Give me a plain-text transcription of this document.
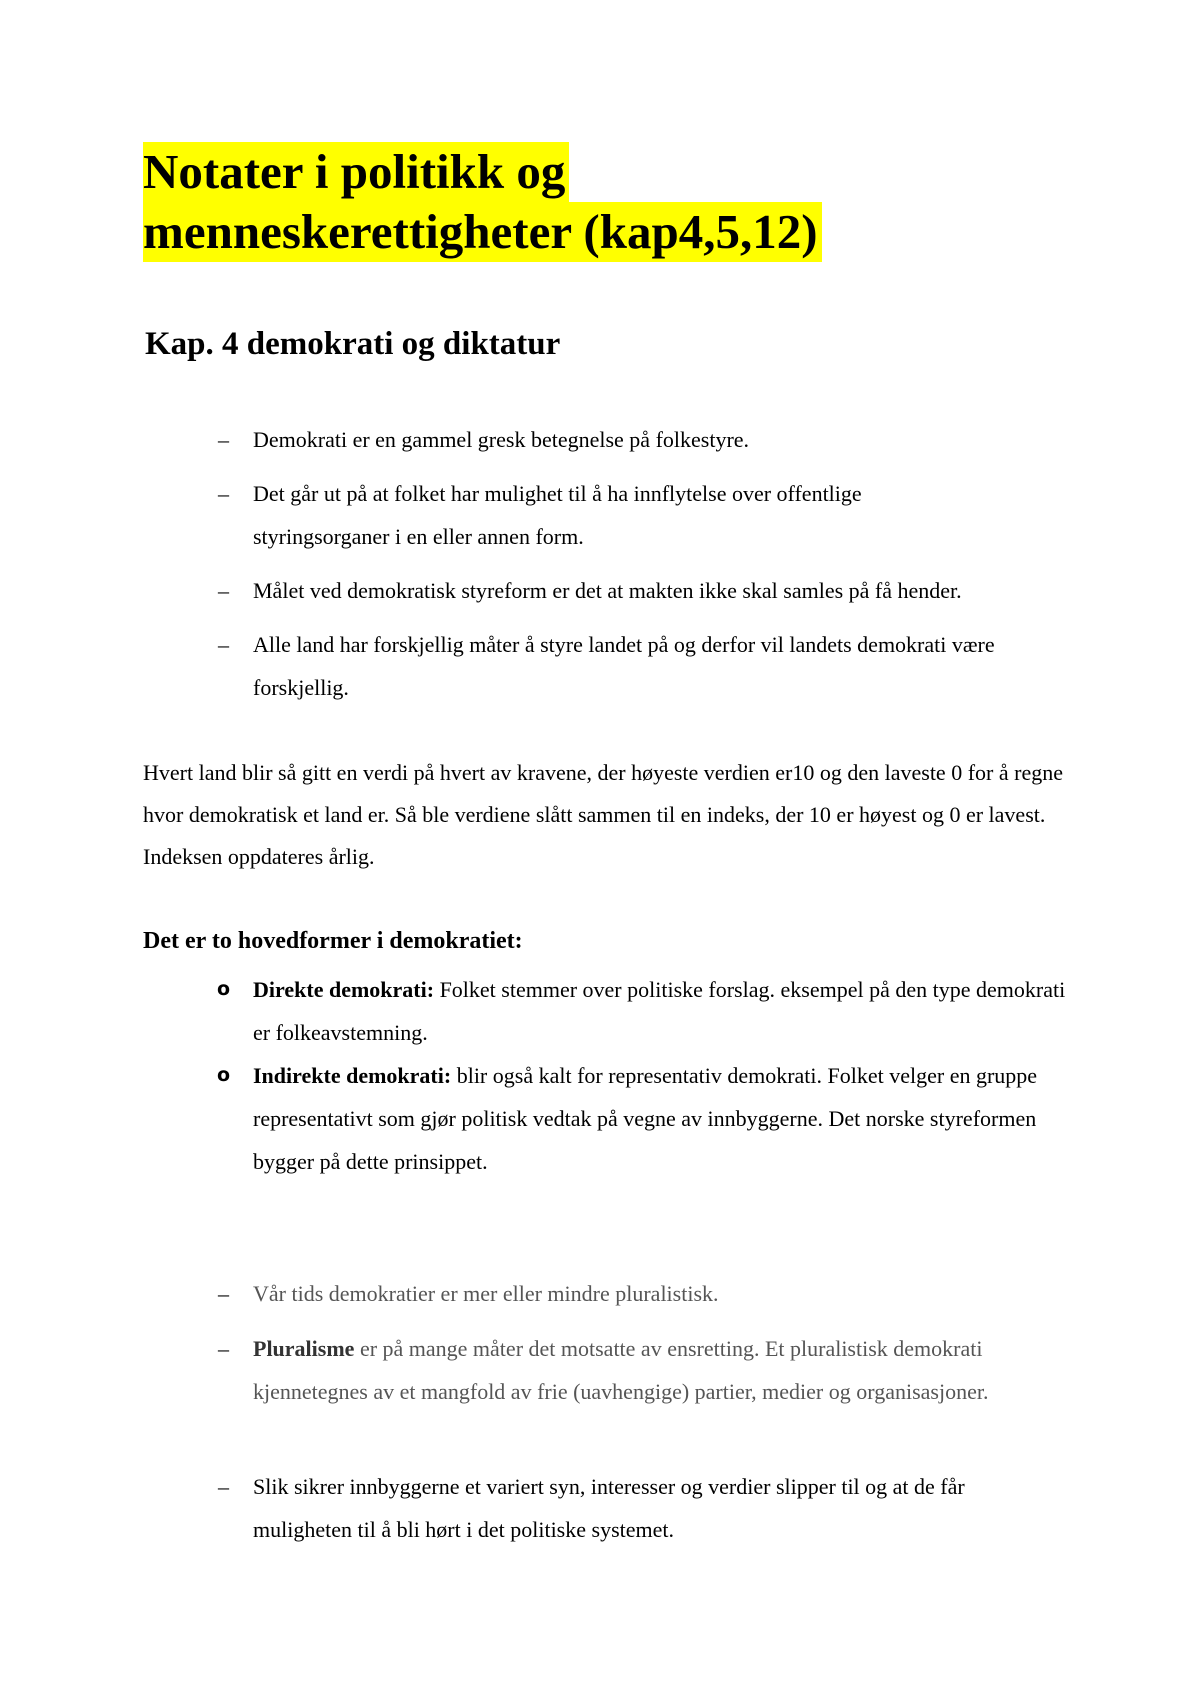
Notater i politikk og
menneskerettigheter (kap4,5,12)
Kap. 4 demokrati og diktatur
– Demokrati er en gammel gresk betegnelse på folkestyre.
– Det går ut på at folket har mulighet til å ha innflytelse over offentlige styringsorganer i en eller annen form.
– Målet ved demokratisk styreform er det at makten ikke skal samles på få hender.
– Alle land har forskjellig måter å styre landet på og derfor vil landets demokrati være forskjellig.

Hvert land blir så gitt en verdi på hvert av kravene, der høyeste verdien er10 og den laveste 0 for å regne hvor demokratisk et land er. Så ble verdiene slått sammen til en indeks, der 10 er høyest og 0 er lavest. Indeksen oppdateres årlig.

Det er to hovedformer i demokratiet:
o Direkte demokrati: Folket stemmer over politiske forslag. eksempel på den type demokrati er folkeavstemning.
o Indirekte demokrati: blir også kalt for representativ demokrati. Folket velger en gruppe representativt som gjør politisk vedtak på vegne av innbyggerne. Det norske styreformen bygger på dette prinsippet.
– Vår tids demokratier er mer eller mindre pluralistisk.
– Pluralisme er på mange måter det motsatte av ensretting. Et pluralistisk demokrati kjennetegnes av et mangfold av frie (uavhengige) partier, medier og organisasjoner.
– Slik sikrer innbyggerne et variert syn, interesser og verdier slipper til og at de får muligheten til å bli hørt i det politiske systemet.
